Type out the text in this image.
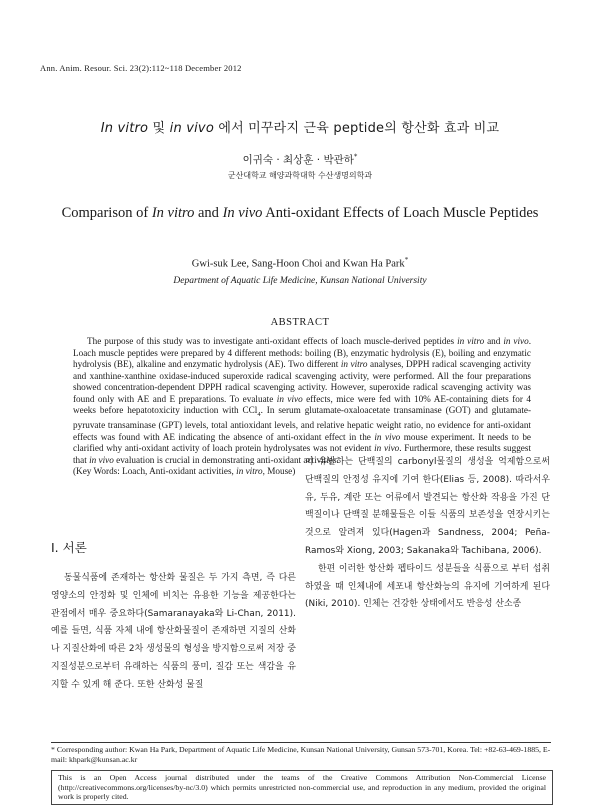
Ann. Anim. Resour. Sci. 23(2):112~118 December 2012
In vitro 및 in vivo 에서 미꾸라지 근육 peptide의 항산화 효과 비교
이귀숙 · 최상훈 · 박관하*
군산대학교 해양과학대학 수산생명의학과
Comparison of In vitro and In vivo Anti-oxidant Effects of Loach Muscle Peptides
Gwi-suk Lee, Sang-Hoon Choi and Kwan Ha Park*
Department of Aquatic Life Medicine, Kunsan National University
ABSTRACT

The purpose of this study was to investigate anti-oxidant effects of loach muscle-derived peptides in vitro and in vivo. Loach muscle peptides were prepared by 4 different methods: boiling (B), enzymatic hydrolysis (E), boiling and enzymatic hydrolysis (BE), alkaline and enzymatic hydrolysis (AE). Two different in vitro analyses, DPPH radical scavenging activity and xanthine-xanthine oxidase-induced superoxide radical scavenging activity, were performed. All the four preparations showed concentration-dependent DPPH radical scavenging activity. However, superoxide radical scavenging activity was found only with AE and E preparations. To evaluate in vivo effects, mice were fed with 10% AE-containing diets for 4 weeks before hepatotoxicity induction with CCl$_4$. In serum glutamate-oxaloacetate transaminase (GOT) and glutamate-pyruvate transaminase (GPT) levels, total antioxidant levels, and relative hepatic weight ratio, no evidence for anti-oxidant effects was found with AE indicating the absence of anti-oxidant effect in the in vivo mouse experiment. It needs to be clarified why anti-oxidant activity of loach protein hydrolysates was not evident in vivo. Furthermore, these results suggest that in vivo evaluation is crucial in demonstrating anti-oxidant activities.

(Key Words: Loach, Anti-oxidant activities, in vitro, Mouse)

I. 서론

동물식품에 존재하는 항산화 물질은 두 가지 측면, 즉 다른 영양소의 안정화 및 인체에 비치는 유용한 기능을 제공한다는 관점에서 매우 중요하다(Samaranayaka와 Li-Chan, 2011). 예를 들면, 식품 자체 내에 항산화물질이 존재하면 지질의 산화나 지질산화에 따른 2차 생성물의 형성을 방지함으로써 저장 중 지질성분으로부터 유래하는 식품의 풍미, 질감 또는 색감을 유지할 수 있게 해 준다. 또한 산화성 물질

이 유발하는 단백질의 carbonyl물질의 생성을 억제함으로써 단백질의 안정성 유지에 기여 한다(Elias 등, 2008). 따라서우유, 두유, 계란 또는 어류에서 발견되는 항산화 작용을 가진 단백질이나 단백질 분해물들은 이들 식품의 보존성을 연장시키는 것으로 알려져 있다(Hagen과 Sandness, 2004; Peña-Ramos와 Xiong, 2003; Sakanaka와 Tachibana, 2006).

한편 이러한 항산화 펩타이드 성분들을 식품으로 부터 섭취하였을 때 인체내에 세포내 항산화능의 유지에 기여하게 된다(Niki, 2010). 인체는 건강한 상태에서도 반응성 산소종

* Corresponding author: Kwan Ha Park, Department of Aquatic Life Medicine, Kunsan National University, Gunsan 573-701, Korea. Tel: +82-63-469-1885, E-mail: khpark@kunsan.ac.kr
This is an Open Access journal distributed under the teams of the Creative Commons Attribution Non-Commercial License (http://creativecommons.org/licenses/by-nc/3.0) which permits unrestricted non-commercial use, and reproduction in any medium, provided the original work is properly cited.
